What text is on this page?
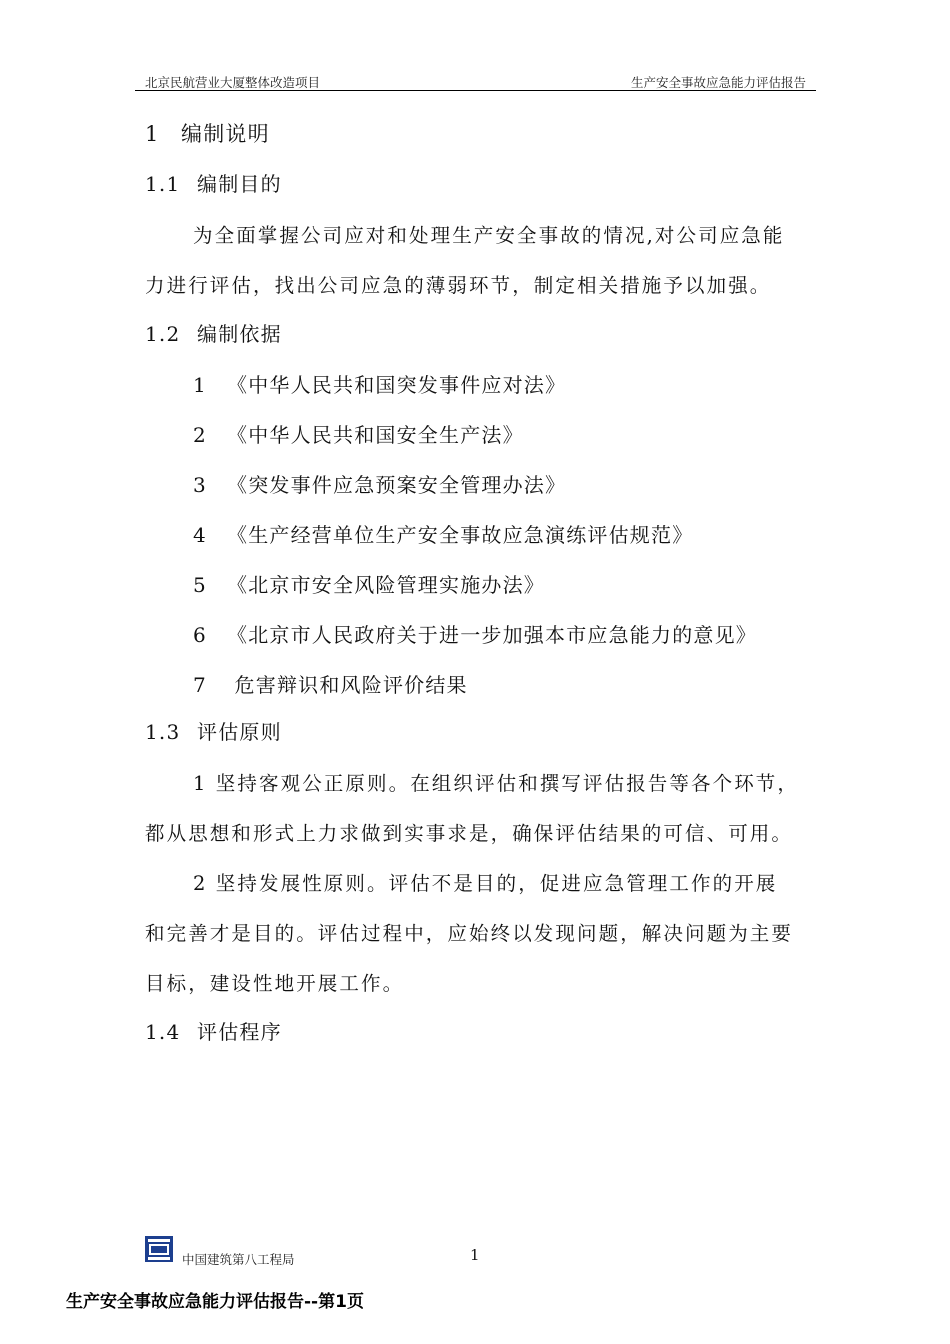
北京民航营业大厦整体改造项目	生产安全事故应急能力评估报告
1 编制说明
1.1 编制目的
为全面掌握公司应对和处理生产安全事故的情况,对公司应急能
力进行评估，找出公司应急的薄弱环节，制定相关措施予以加强。
1.2 编制依据
1 《中华人民共和国突发事件应对法》
2 《中华人民共和国安全生产法》
3 《突发事件应急预案安全管理办法》
4 《生产经营单位生产安全事故应急演练评估规范》
5 《北京市安全风险管理实施办法》
6 《北京市人民政府关于进一步加强本市应急能力的意见》
7 危害辩识和风险评价结果
1.3 评估原则
1 坚持客观公正原则。在组织评估和撰写评估报告等各个环节，
都从思想和形式上力求做到实事求是，确保评估结果的可信、可用。
2 坚持发展性原则。评估不是目的，促进应急管理工作的开展
和完善才是目的。评估过程中，应始终以发现问题，解决问题为主要
目标，建设性地开展工作。
1.4 评估程序
中国建筑第八工程局	1
生产安全事故应急能力评估报告--第1页
